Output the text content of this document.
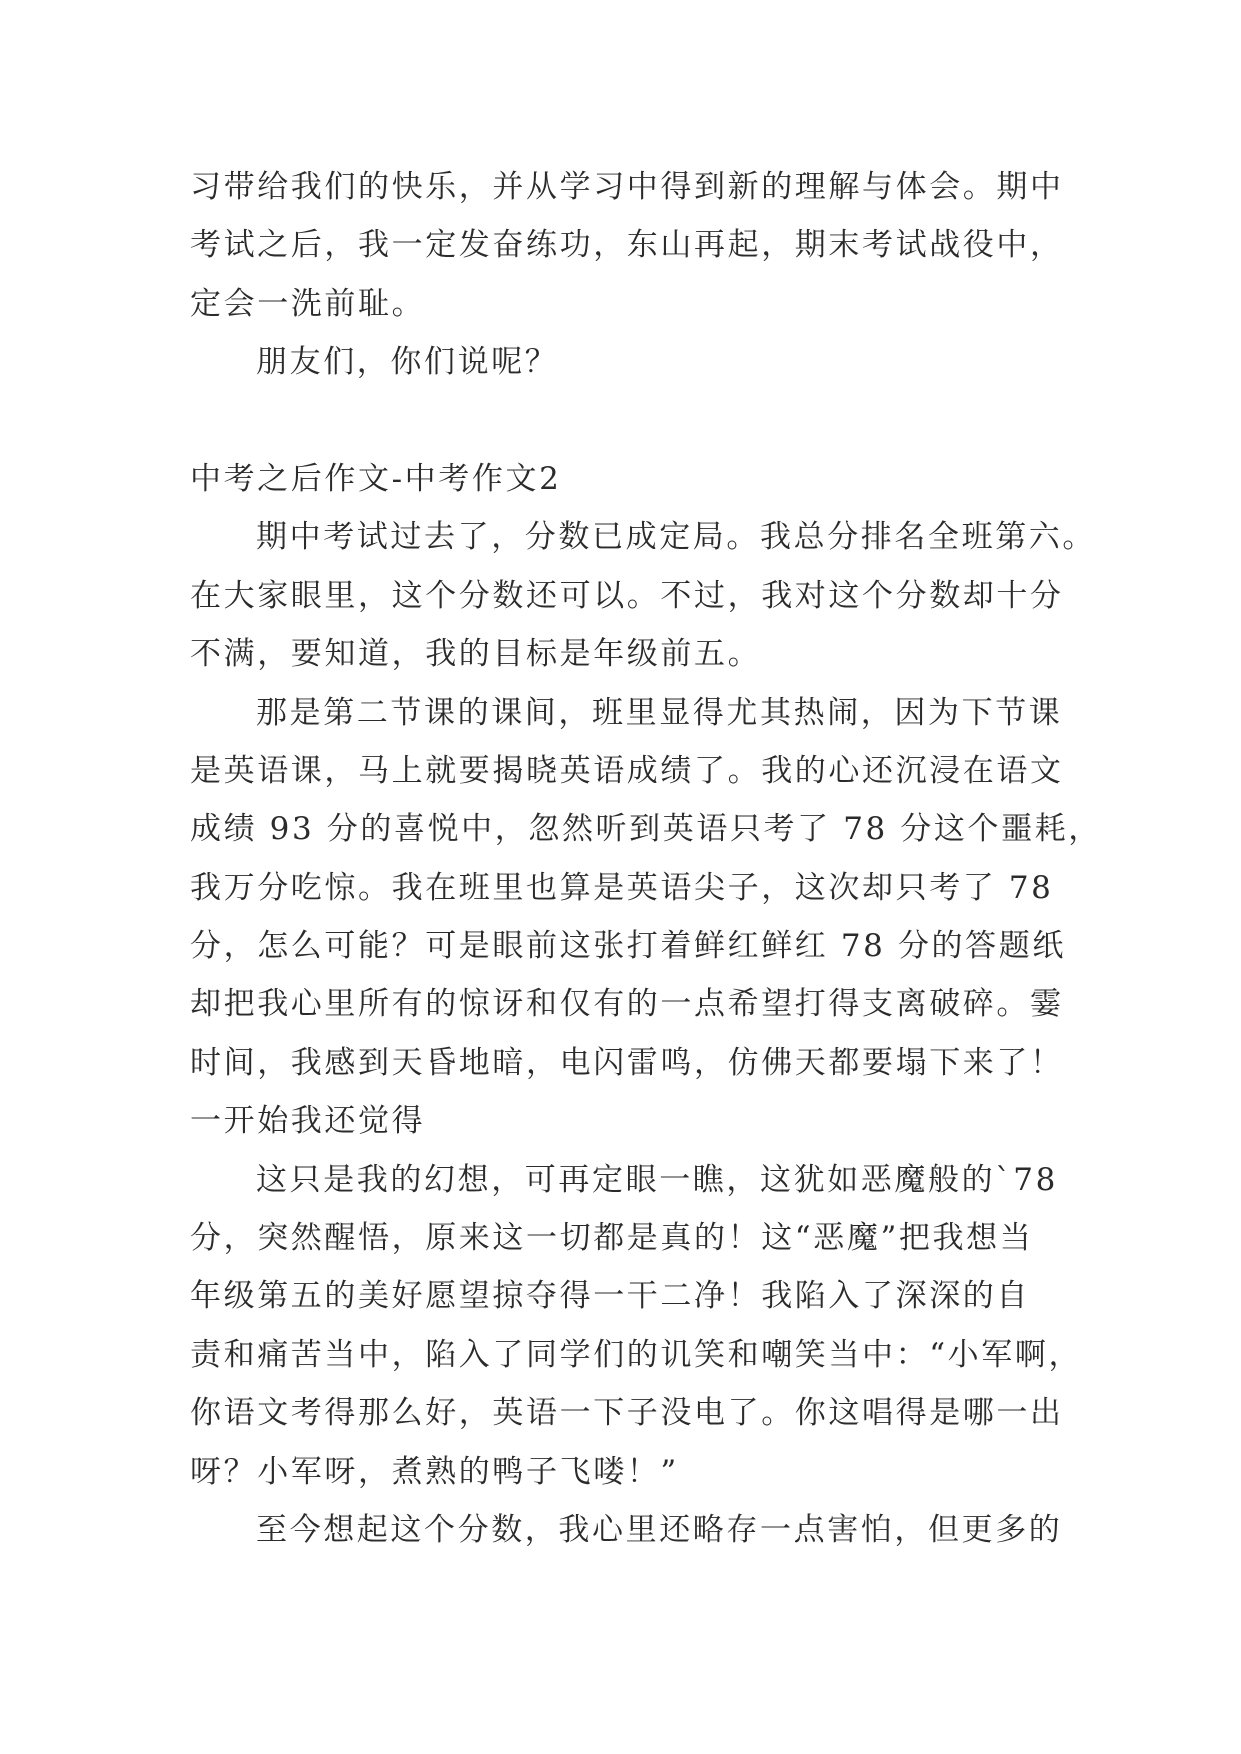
习带给我们的快乐，并从学习中得到新的理解与体会。期中
考试之后，我一定发奋练功，东山再起，期末考试战役中，
定会一洗前耻。
朋友们，你们说呢？
中考之后作文-中考作文2
期中考试过去了，分数已成定局。我总分排名全班第六。
在大家眼里，这个分数还可以。不过，我对这个分数却十分
不满，要知道，我的目标是年级前五。
那是第二节课的课间，班里显得尤其热闹，因为下节课
是英语课，马上就要揭晓英语成绩了。我的心还沉浸在语文
成绩 93 分的喜悦中，忽然听到英语只考了 78 分这个噩耗，
我万分吃惊。我在班里也算是英语尖子，这次却只考了 78
分，怎么可能？可是眼前这张打着鲜红鲜红 78 分的答题纸
却把我心里所有的惊讶和仅有的一点希望打得支离破碎。霎
时间，我感到天昏地暗，电闪雷鸣，仿佛天都要塌下来了！
一开始我还觉得
这只是我的幻想，可再定眼一瞧，这犹如恶魔般的`78
分，突然醒悟，原来这一切都是真的！这“恶魔”把我想当
年级第五的美好愿望掠夺得一干二净！我陷入了深深的自
责和痛苦当中，陷入了同学们的讥笑和嘲笑当中：“小军啊，
你语文考得那么好，英语一下子没电了。你这唱得是哪一出
呀？小军呀，煮熟的鸭子飞喽！”
至今想起这个分数，我心里还略存一点害怕，但更多的
